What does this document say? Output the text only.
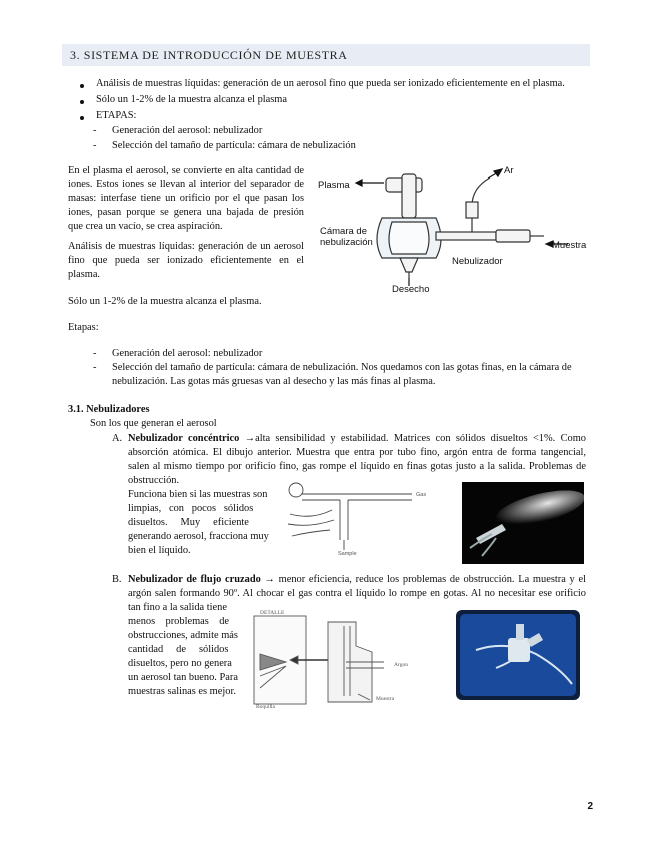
3. SISTEMA DE INTRODUCCIÓN DE MUESTRA
Análisis de muestras líquidas: generación de un aerosol fino que pueda ser ionizado eficientemente en el plasma.
Sólo un 1-2% de la muestra alcanza el plasma
ETAPAS:
- Generación del aerosol: nebulizador
- Selección del tamaño de partícula: cámara de nebulización
En el plasma el aerosol, se convierte en alta cantidad de
iones. Estos iones se llevan al interior del separador de
masas: interfase tiene un orificio por el que pasan los
iones, pasan porque se genera una bajada de presión
que crea un vacío, se crea aspiración.
Análisis de muestras líquidas: generación de un aerosol
fino que pueda ser ionizado eficientemente en el
plasma.
Sólo un 1-2% de la muestra alcanza el plasma.
Etapas:
- Generación del aerosol: nebulizador
- Selección del tamaño de partícula: cámara de nebulización. Nos quedamos con las gotas finas, en la cámara de
nebulización. Las gotas más gruesas van al desecho y las más finas al plasma.
Plasma
Ar
Cámara de
nebulización	Muestra
Nebulizador
Desecho
3.1. Nebulizadores
Son los que generan el aerosol
A. Nebulizador concéntrico →alta sensibilidad y estabilidad. Matrices con sólidos disueltos <1%. Como
absorción atómica. El dibujo anterior. Muestra que entra por tubo fino, argón entra de forma tangencial,
salen al mismo tiempo por orificio fino, gas rompe el líquido en finas gotas justo a la salida. Problemas de
obstrucción.
Funciona bien si las muestras son
limpias,   con   pocos   sólidos
disueltos.     Muy     eficiente
generando aerosol, fracciona muy
bien el líquido.
Gas
Sample
B. Nebulizador de flujo cruzado → menor eficiencia, reduce los problemas de obstrucción. La muestra y el
argón salen formando 90º. Al chocar el gas contra el líquido lo rompe en gotas. Al no necesitar ese orificio
tan fino a la salida tiene
menos    problemas    de
obstrucciones, admite más
cantidad     de     sólidos
disueltos, pero no genera
un aerosol tan bueno. Para
muestras salinas es mejor.
DETALLE
Argon
Muestra
Boquilla
2
